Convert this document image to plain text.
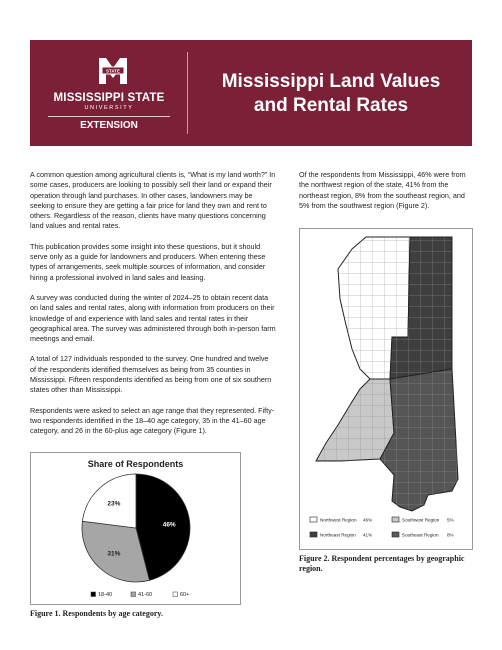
STATE
MISSISSIPPI STATE
UNIVERSITY
EXTENSION
Mississippi Land Values
and Rental Rates

A common question among agricultural clients is, “What is my land worth?” In some cases, producers are looking to possibly sell their land or expand their operation through land purchases. In other cases, landowners may be seeking to ensure they are getting a fair price for land they own and rent to others. Regardless of the reason, clients have many questions concerning land values and rental rates.

This publication provides some insight into these questions, but it should serve only as a guide for landowners and producers. When entering these types of arrangements, seek multiple sources of information, and consider hiring a professional involved in land sales and leasing.

A survey was conducted during the winter of 2024–25 to obtain recent data on land sales and rental rates, along with information from producers on their knowledge of and experience with land sales and rental rates in their geographical area. The survey was administered through both in-person farm meetings and email.

A total of 127 individuals responded to the survey. One hundred and twelve of the respondents identified themselves as being from 35 counties in Mississippi. Fifteen respondents identified as being from one of six southern states other than Mississippi.

Respondents were asked to select an age range that they represented. Fifty-two respondents identified in the 18–40 age category, 35 in the 41–60 age category, and 26 in the 60-plus age category (Figure 1).

Of the respondents from Mississippi, 46% were from the northwest region of the state, 41% from the northeast region, 8% from the southeast region, and 5% from the southwest region (Figure 2).

Share of Respondents
46%
31%
23%
18-40	41-60	60+
Figure 1. Respondents by age category.
Northwest Region 46%	Southwest Region 5%
Northeast Region 41%	Southeast Region 8%
Figure 2. Respondent percentages by geographic region.
